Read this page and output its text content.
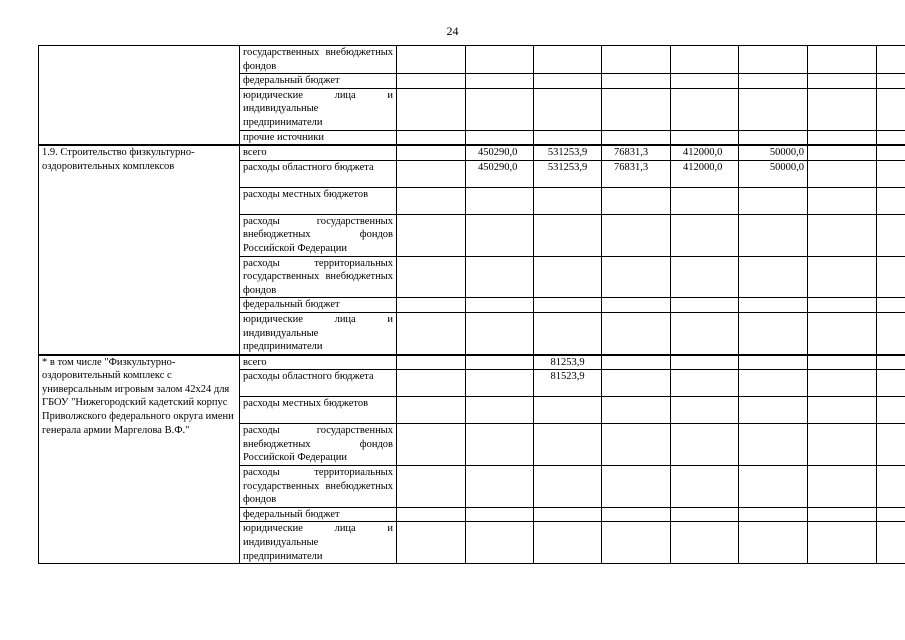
24
	государственных внебюджетных фондов								
	федеральный бюджет								
	юридические лица и индивидуальные предприниматели								
	прочие источники								
1.9. Строительство физкультурно-оздоровительных комплексов	всего		450290,0	531253,9	76831,3	412000,0	50000,0		
	расходы областного бюджета		450290,0	531253,9	76831,3	412000,0	50000,0		
	расходы местных бюджетов								
	расходы государственных внебюджетных фондов Российской Федерации								
	расходы территориальных государственных внебюджетных фондов								
	федеральный бюджет								
	юридические лица и индивидуальные предприниматели								
* в том числе "Физкультурно-оздоровительный комплекс с универсальным игровым залом 42х24 для ГБОУ "Нижегородский кадетский корпус Приволжского федерального округа имени генерала армии Маргелова В.Ф."	всего			81253,9					
	расходы областного бюджета			81523,9					
	расходы местных бюджетов								
	расходы государственных внебюджетных фондов Российской Федерации								
	расходы территориальных государственных внебюджетных фондов								
	федеральный бюджет								
	юридические лица и индивидуальные предприниматели								
